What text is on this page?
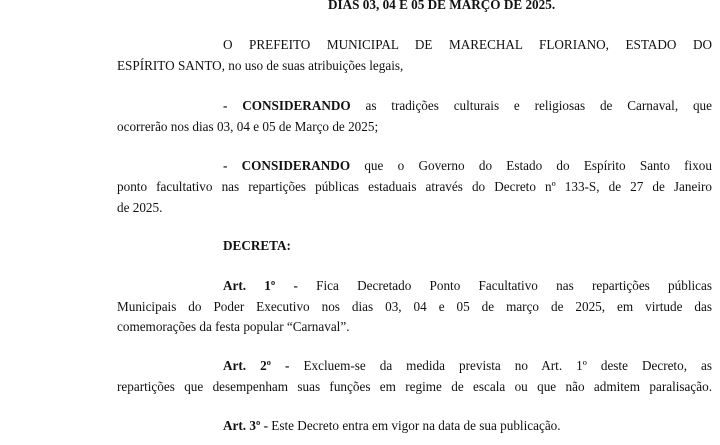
DIAS 03, 04 E 05 DE MARÇO DE 2025.
O PREFEITO MUNICIPAL DE MARECHAL FLORIANO, ESTADO DO
ESPÍRITO SANTO, no uso de suas atribuições legais,
- CONSIDERANDO as tradições culturais e religiosas de Carnaval, que
ocorrerão nos dias 03, 04 e 05 de Março de 2025;
- CONSIDERANDO que o Governo do Estado do Espírito Santo fixou
ponto facultativo nas repartições públicas estaduais através do Decreto nº 133-S, de 27 de Janeiro
de 2025.
DECRETA:
Art. 1º - Fica Decretado Ponto Facultativo nas repartições públicas
Municipais do Poder Executivo nos dias 03, 04 e 05 de março de 2025, em virtude das
comemorações da festa popular “Carnaval”.
Art. 2º - Excluem-se da medida prevista no Art. 1º deste Decreto, as
repartições que desempenham suas funções em regime de escala ou que não admitem paralisação.
Art. 3º - Este Decreto entra em vigor na data de sua publicação.
